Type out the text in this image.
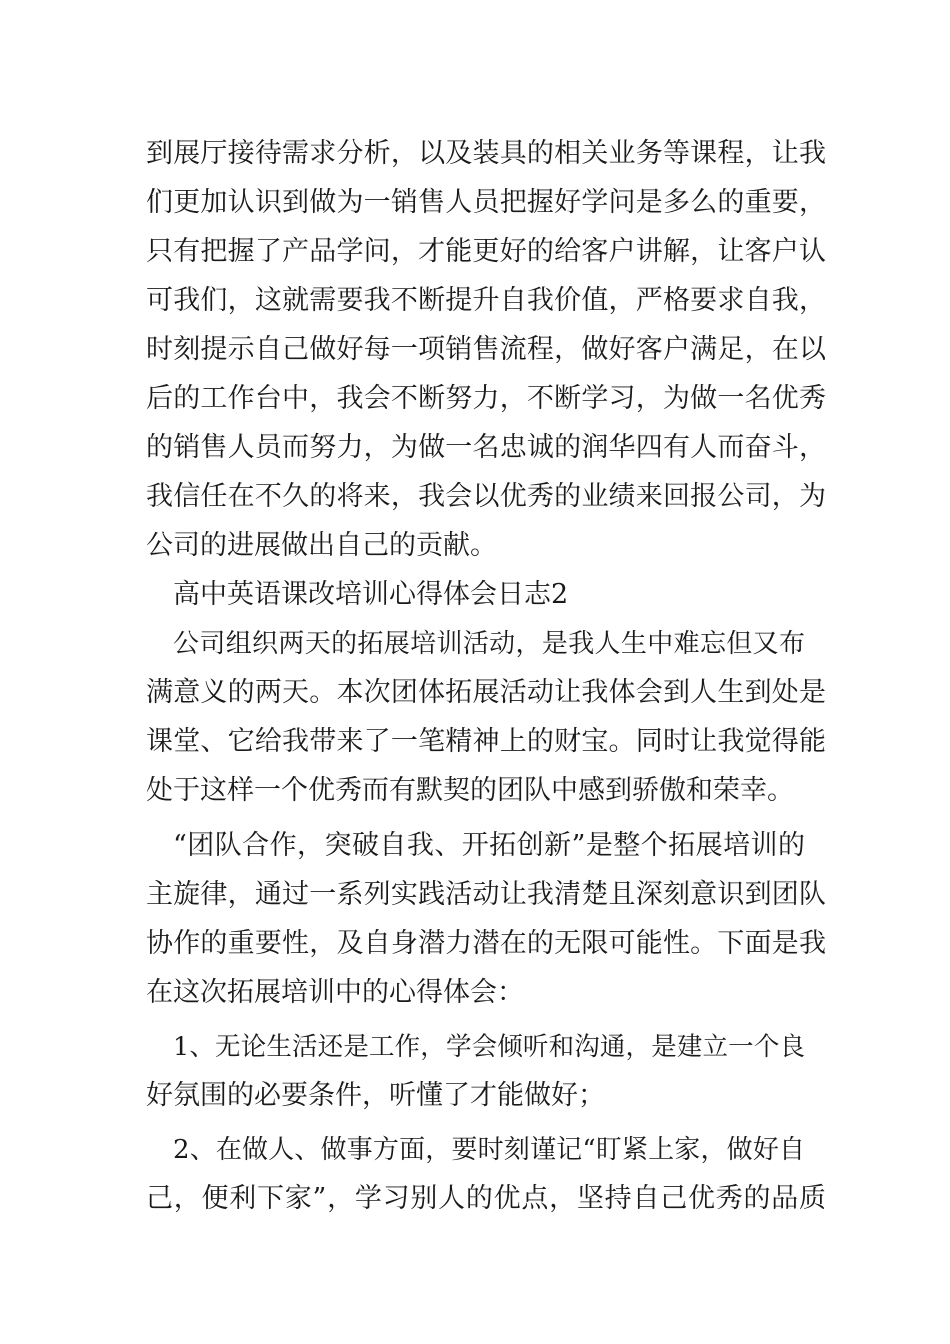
到展厅接待需求分析，以及装具的相关业务等课程，让我
们更加认识到做为一销售人员把握好学问是多么的重要，
只有把握了产品学问，才能更好的给客户讲解，让客户认
可我们，这就需要我不断提升自我价值，严格要求自我，
时刻提示自己做好每一项销售流程，做好客户满足，在以
后的工作台中，我会不断努力，不断学习，为做一名优秀
的销售人员而努力，为做一名忠诚的润华四有人而奋斗，
我信任在不久的将来，我会以优秀的业绩来回报公司，为
公司的进展做出自己的贡献。
高中英语课改培训心得体会日志2
公司组织两天的拓展培训活动，是我人生中难忘但又布
满意义的两天。本次团体拓展活动让我体会到人生到处是
课堂、它给我带来了一笔精神上的财宝。同时让我觉得能
处于这样一个优秀而有默契的团队中感到骄傲和荣幸。
“团队合作，突破自我、开拓创新”是整个拓展培训的
主旋律，通过一系列实践活动让我清楚且深刻意识到团队
协作的重要性，及自身潜力潜在的无限可能性。下面是我
在这次拓展培训中的心得体会：
1、无论生活还是工作，学会倾听和沟通，是建立一个良
好氛围的必要条件，听懂了才能做好；
2、在做人、做事方面，要时刻谨记“盯紧上家，做好自
己，便利下家”，学习别人的优点，坚持自己优秀的品质
